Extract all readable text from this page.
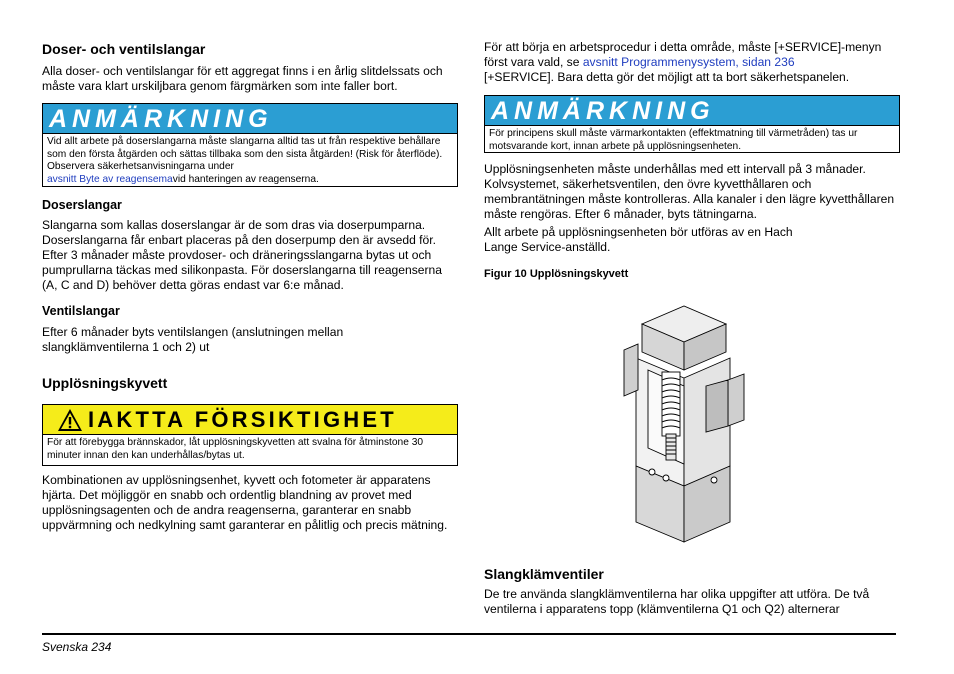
Doser- och ventilslangar

Alla doser- och ventilslangar för ett aggregat finns i en årlig slitdelssats och måste vara klart urskiljbara genom färgmärken som inte faller bort.

ANMÄRKNING
Vid allt arbete på doserslangarna måste slangarna alltid tas ut från respektive behållare som den första åtgärden och sättas tillbaka som den sista åtgärden! (Risk för återflöde). Observera säkerhetsanvisningarna under
avsnitt Byte av reagensemavid hanteringen av reagenserna.
Doserslangar

Slangarna som kallas doserslangar är de som dras via doserpumparna. Doserslangarna får enbart placeras på den doserpump den är avsedd för. Efter 3 månader måste provdoser- och dräneringsslangarna bytas ut och pumprullarna täckas med silikonpasta. För doserslangarna till reagenserna (A, C and D) behöver detta göras endast var 6:e månad.

Ventilslangar

Efter 6 månader byts ventilslangen (anslutningen mellan slangklämventilerna 1 och 2) ut

Upplösningskyvett
IAKTTA FÖRSIKTIGHET
För att förebygga brännskador, låt upplösningskyvetten att svalna för åtminstone 30 minuter innan den kan underhållas/bytas ut.

Kombinationen av upplösningsenhet, kyvett och fotometer är apparatens hjärta. Det möjliggör en snabb och ordentlig blandning av provet med upplösningsagenten och de andra reagenserna, garanterar en snabb uppvärmning och nedkylning samt garanterar en pålitlig och precis mätning.

För att börja en arbetsprocedur i detta område, måste [+SERVICE]-menyn först vara vald, se avsnitt Programmenysystem, sidan 236
[+SERVICE]. Bara detta gör det möjligt att ta bort säkerhetspanelen.

ANMÄRKNING
För principens skull måste värmarkontakten (effektmatning till värmetråden) tas ur motsvarande kort, innan arbete på upplösningsenheten.

Upplösningsenheten måste underhållas med ett intervall på 3 månader. Kolvsystemet, säkerhetsventilen, den övre kyvetthållaren och membrantätningen måste kontrolleras. Alla kanaler i den lägre kyvetthållaren måste rengöras. Efter 6 månader, byts tätningarna.

Allt arbete på upplösningsenheten bör utföras av en Hach Lange Service-anställd.

Figur 10 Upplösningskyvett
Slangklämventiler

De tre använda slangklämventilerna har olika uppgifter att utföra. De två ventilerna i apparatens topp (klämventilerna Q1 och Q2) alternerar

Svenska 234
